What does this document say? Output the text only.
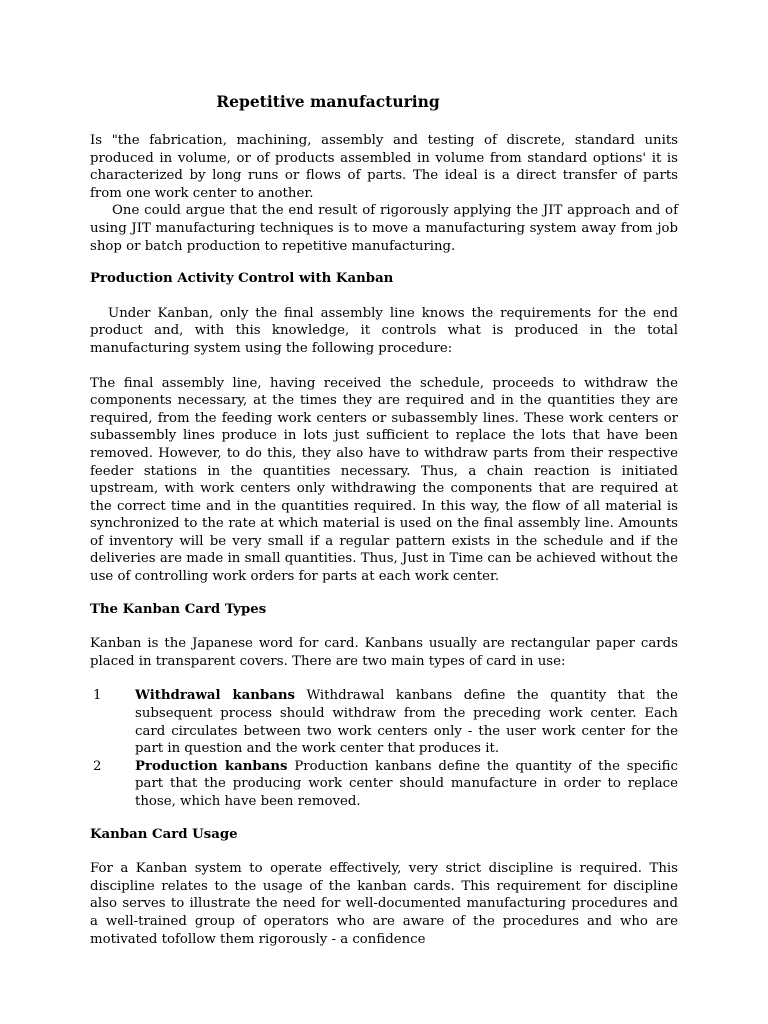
Repetitive manufacturing

Is "the fabrication, machining, assembly and testing of discrete, standard units produced in volume, or of products assembled in volume from standard options' it is characterized by long runs or flows of parts. The ideal is a direct transfer of parts from one work center to another.

One could argue that the end result of rigorously applying the JIT approach and of using JIT manufacturing techniques is to move a manufacturing system away from job shop or batch production to repetitive manufacturing.

Production Activity Control with Kanban

Under Kanban, only the final assembly line knows the requirements for the end product and, with this knowledge, it controls what is produced in the total manufacturing system using the following procedure:

The final assembly line, having received the schedule, proceeds to withdraw the components necessary, at the times they are required and in the quantities they are required, from the feeding work centers or subassembly lines. These work centers or subassembly lines produce in lots just sufficient to replace the lots that have been removed. However, to do this, they also have to withdraw parts from their respective feeder stations in the quantities necessary. Thus, a chain reaction is initiated upstream, with work centers only withdrawing the components that are required at the correct time and in the quantities required. In this way, the flow of all material is synchronized to the rate at which material is used on the final assembly line. Amounts of inventory will be very small if a regular pattern exists in the schedule and if the deliveries are made in small quantities. Thus, Just in Time can be achieved without the use of controlling work orders for parts at each work center.

The Kanban Card Types

Kanban is the Japanese word for card. Kanbans usually are rectangular paper cards placed in transparent covers. There are two main types of card in use:

1	Withdrawal kanbans Withdrawal kanbans define the quantity that the subsequent process should withdraw from the preceding work center. Each card circulates between two work centers only - the user work center for the part in question and the work center that produces it.
2	Production kanbans Production kanbans define the quantity of the specific part that the producing work center should manufacture in order to replace those, which have been removed.
Kanban Card Usage

For a Kanban system to operate effectively, very strict discipline is required. This discipline relates to the usage of the kanban cards. This requirement for discipline also serves to illustrate the need for well-documented manufacturing procedures and a well-trained group of operators who are aware of the procedures and who are motivated tofollow them rigorously - a confidence
